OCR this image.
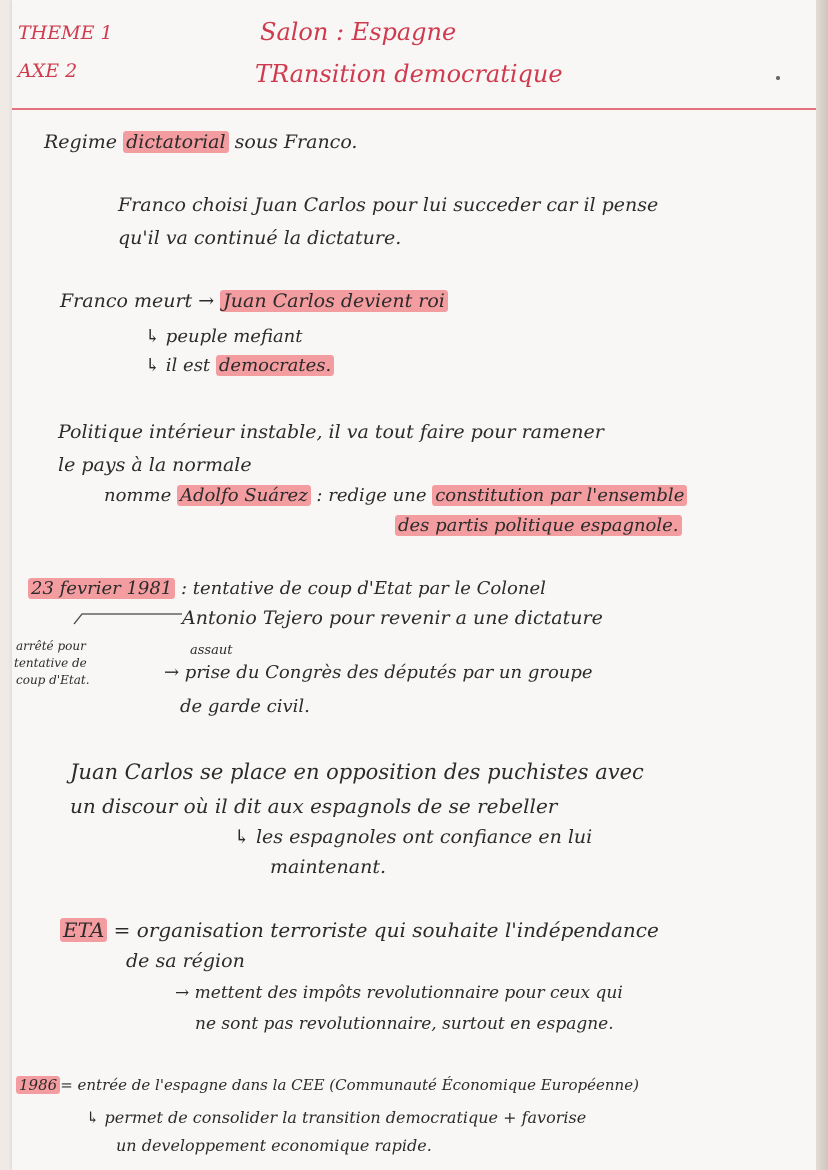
THEME 1
AXE 2
Salon : Espagne
TRansition democratique
Regime dictatorial sous Franco.
Franco choisi Juan Carlos pour lui succeder car il pense
qu'il va continué la dictature.
Franco meurt → Juan Carlos devient roi
↳ peuple mefiant
↳ il est democrates.
Politique intérieur instable, il va tout faire pour ramener
le pays à la normale
nomme Adolfo Suárez : redige une constitution par l'ensemble
des partis politique espagnole.
23 fevrier 1981 : tentative de coup d'Etat par le Colonel
Antonio Tejero pour revenir a une dictature
arrêté pour
tentative de
coup d'Etat.
assaut
→ prise du Congrès des députés par un groupe
de garde civil.
Juan Carlos se place en opposition des puchistes avec
un discour où il dit aux espagnols de se rebeller
↳ les espagnoles ont confiance en lui
maintenant.
ETA = organisation terroriste qui souhaite l'indépendance
de sa région
→ mettent des impôts revolutionnaire pour ceux qui
ne sont pas revolutionnaire, surtout en espagne.
1986 = entrée de l'espagne dans la CEE (Communauté Économique Européenne)
↳ permet de consolider la transition democratique + favorise
un developpement economique rapide.
